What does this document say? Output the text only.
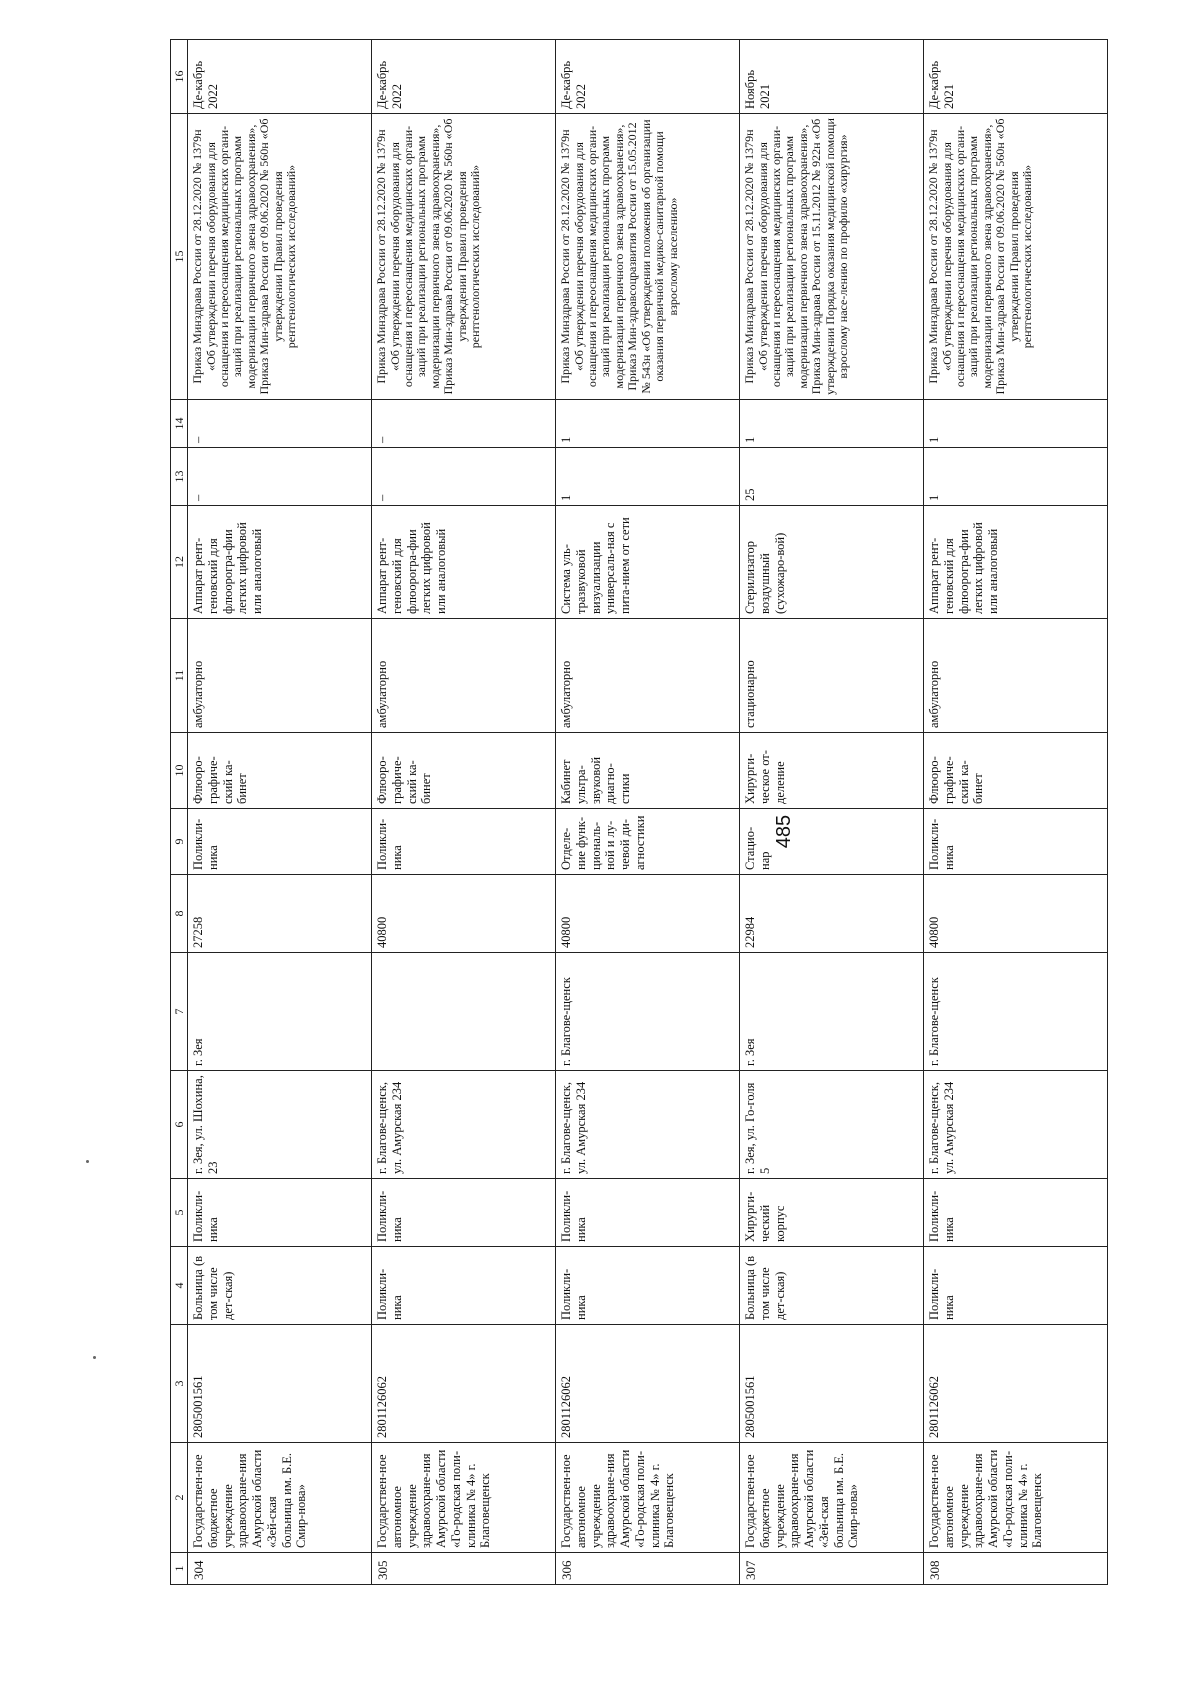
485
1	2	3	4	5	6	7	8	9	10	11	12	13	14	15	16
304	Государствен-ное бюджетное учреждение здравоохране-ния Амурской области «Зей-ская больница им. Б.Е. Смир-нова»	2805001561	Больница (в том числе дет-ская)	Поликли-ника	г. Зея, ул. Шохина, 23	г. Зея	27258	Поликли-ника	Флюоро-графиче-ский ка-бинет	амбулаторно	Аппарат рент-геновский для флюорогра-фии легких цифровой или аналоговый	–	–	Приказ Минздрава России от 28.12.2020 № 1379н «Об утверждении перечня оборудования для оснащения и переоснащения медицинских органи-заций при реализации региональных программ модернизации первичного звена здравоохранения», Приказ Мин-здрава России от 09.06.2020 № 560н «Об утверждении Правил проведения рентгенологических исследований»	Де-кабрь 2022
305	Государствен-ное автономное учреждение здравоохране-ния Амурской области «Го-родская поли-клиника № 4» г. Благовещенск	2801126062	Поликли-ника	Поликли-ника	г. Благове-щенск, ул. Амурская 234		40800	Поликли-ника	Флюоро-графиче-ский ка-бинет	амбулаторно	Аппарат рент-геновский для флюорогра-фии легких цифровой или аналоговый	–	–	Приказ Минздрава России от 28.12.2020 № 1379н «Об утверждении перечня оборудования для оснащения и переоснащения медицинских органи-заций при реализации региональных программ модернизации первичного звена здравоохранения», Приказ Мин-здрава России от 09.06.2020 № 560н «Об утверждении Правил проведения рентгенологических исследований»	Де-кабрь 2022
306	Государствен-ное автономное учреждение здравоохране-ния Амурской области «Го-родская поли-клиника № 4» г. Благовещенск	2801126062	Поликли-ника	Поликли-ника	г. Благове-щенск, ул. Амурская 234	г. Благове-щенск	40800	Отделе-ние функ-циональ-ной и лу-чевой ди-агностики	Кабинет ультра-звуковой диагно-стики	амбулаторно	Система уль-тразвуковой визуализации универсаль-ная с пита-нием от сети	1	1	Приказ Минздрава России от 28.12.2020 № 1379н «Об утверждении перечня оборудования для оснащения и переоснащения медицинских органи-заций при реализации региональных программ модернизации первичного звена здравоохранения», Приказ Мин-здравсоцразвития России от 15.05.2012 № 543н «Об утверждении положения об организации оказания первичной медико-санитарной помощи взрослому населению»	Де-кабрь 2022
307	Государствен-ное бюджетное учреждение здравоохране-ния Амурской области «Зей-ская больница им. Б.Е. Смир-нова»	2805001561	Больница (в том числе дет-ская)	Хирурги-ческий корпус	г. Зея, ул. Го-голя 5	г. Зея	22984	Стацио-нар	Хирурги-ческое от-деление	стационарно	Стерилизатор воздушный (сухожаро-вой)	25	1	Приказ Минздрава России от 28.12.2020 № 1379н «Об утверждении перечня оборудования для оснащения и переоснащения медицинских органи-заций при реализации региональных программ модернизации первичного звена здравоохранения», Приказ Мин-здрава России от 15.11.2012 № 922н «Об утверждении Порядка оказания медицинской помощи взрослому насе-лению по профилю «хирургия»	Ноябрь 2021
308	Государствен-ное автономное учреждение здравоохране-ния Амурской области «Го-родская поли-клиника № 4» г. Благовещенск	2801126062	Поликли-ника	Поликли-ника	г. Благове-щенск, ул. Амурская 234	г. Благове-щенск	40800	Поликли-ника	Флюоро-графиче-ский ка-бинет	амбулаторно	Аппарат рент-геновский для флюорогра-фии легких цифровой или аналоговый	1	1	Приказ Минздрава России от 28.12.2020 № 1379н «Об утверждении перечня оборудования для оснащения и переоснащения медицинских органи-заций при реализации региональных программ модернизации первичного звена здравоохранения», Приказ Мин-здрава России от 09.06.2020 № 560н «Об утверждении Правил проведения рентгенологических исследований»	Де-кабрь 2021
